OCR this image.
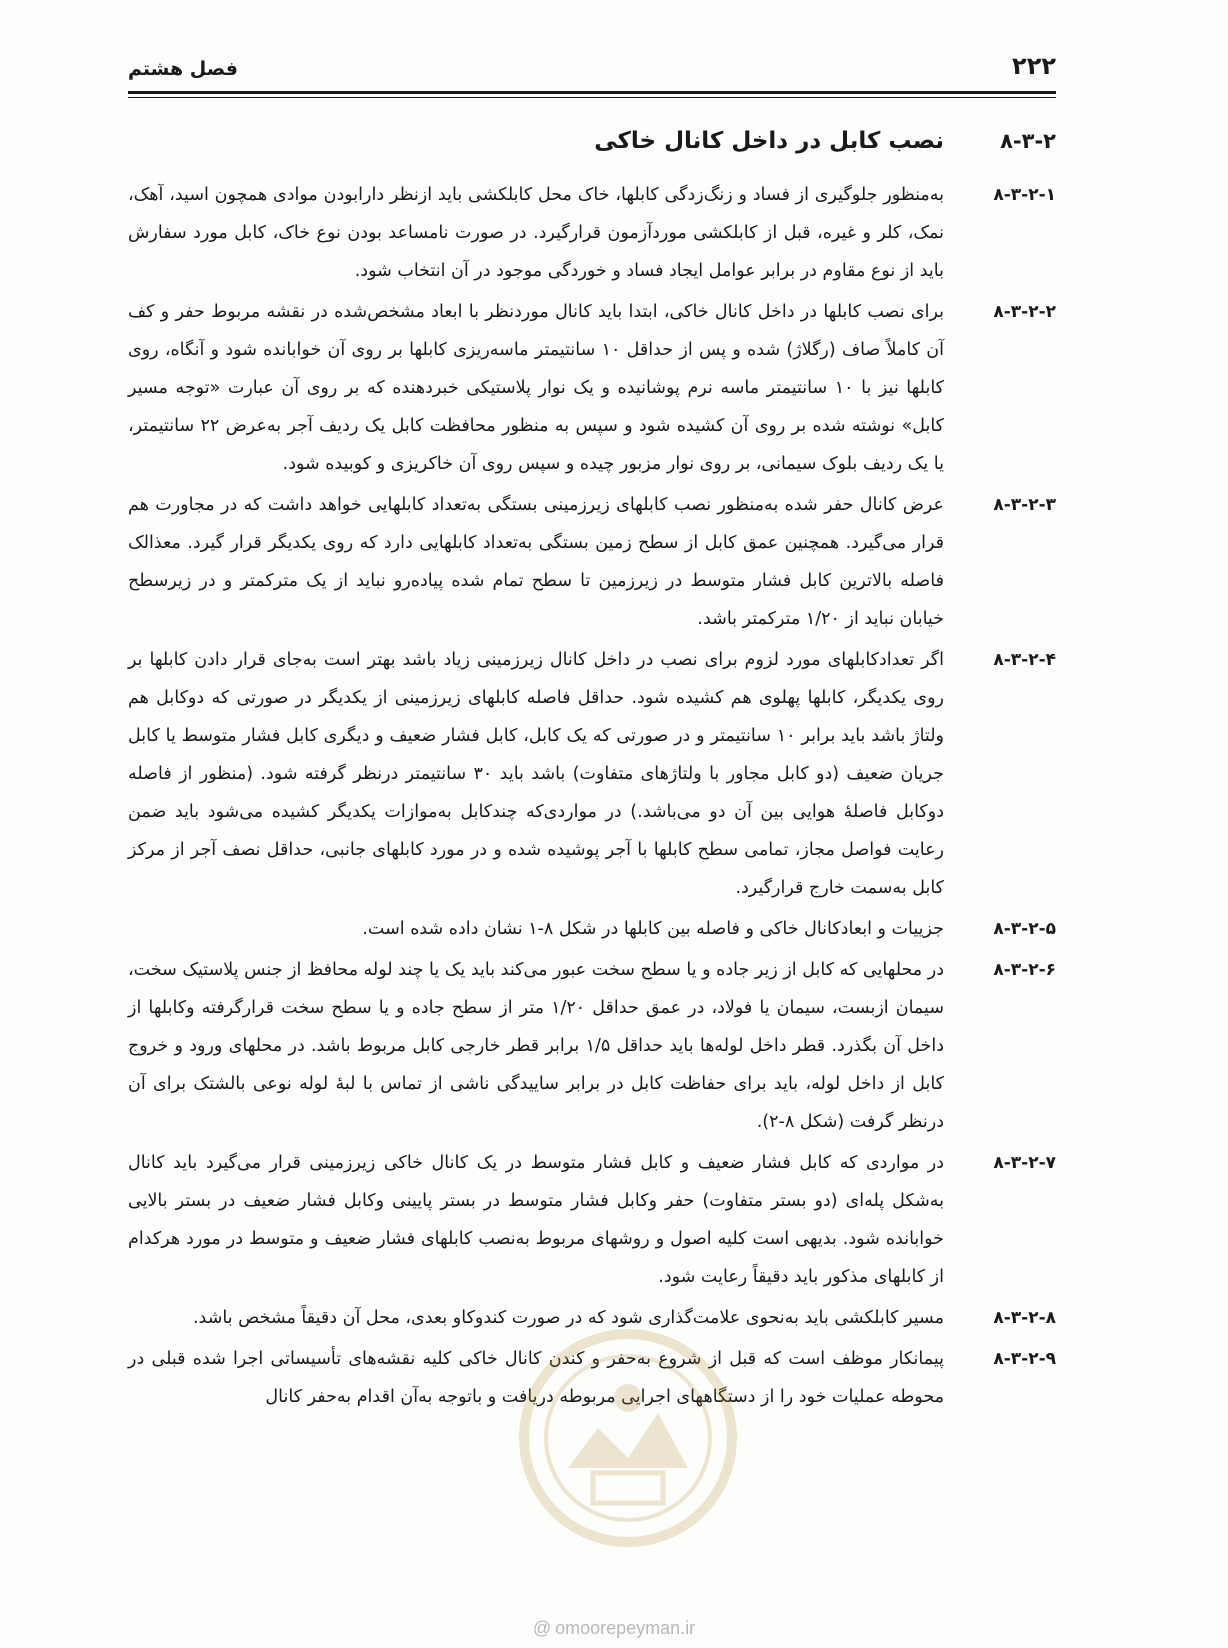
۲۲۲
فصل هشتم
۸-۳-۲
نصب کابل در داخل کانال خاکی
۸-۳-۲-۱
به‌منظور جلوگیری از فساد و زنگ‌زدگی کابلها، خاک محل کابلکشی باید ازنظر دارابودن موادی همچون اسید، آهک، نمک، کلر و غیره، قبل از کابلکشی موردآزمون قرارگیرد. در صورت نامساعد بودن نوع خاک، کابل مورد سفارش باید از نوع مقاوم در برابر عوامل ایجاد فساد و خوردگی موجود در آن انتخاب شود.
۸-۳-۲-۲
برای نصب کابلها در داخل کانال خاکی، ابتدا باید کانال موردنظر با ابعاد مشخص‌شده در نقشه مربوط حفر و کف آن کاملاً صاف (رگلاژ) شده و پس از حداقل ۱۰ سانتیمتر ماسه‌ریزی کابلها بر روی آن خوابانده شود و آنگاه، روی کابلها نیز با ۱۰ سانتیمتر ماسه نرم پوشانیده و یک نوار پلاستیکی خبردهنده که بر روی آن عبارت «توجه مسیر کابل» نوشته شده بر روی آن کشیده شود و سپس به منظور محافظت کابل یک ردیف آجر به‌عرض ۲۲ سانتیمتر، یا یک ردیف بلوک سیمانی، بر روی نوار مزبور چیده و سپس روی آن خاکریزی و کوبیده شود.
۸-۳-۲-۳
عرض کانال حفر شده به‌منظور نصب کابلهای زیرزمینی بستگی به‌تعداد کابلهایی خواهد داشت که در مجاورت هم قرار می‌گیرد. همچنین عمق کابل از سطح زمین بستگی به‌تعداد کابلهایی دارد که روی یکدیگر قرار گیرد. معذالک فاصله بالاترین کابل فشار متوسط در زیرزمین تا سطح تمام شده پیاده‌رو نباید از یک مترکمتر و در زیرسطح خیابان نباید از ۱/۲۰ مترکمتر باشد.
۸-۳-۲-۴
اگر تعدادکابلهای مورد لزوم برای نصب در داخل کانال زیرزمینی زیاد باشد بهتر است به‌جای قرار دادن کابلها بر روی یکدیگر، کابلها پهلوی هم کشیده شود. حداقل فاصله کابلهای زیرزمینی از یکدیگر در صورتی که دوکابل هم ولتاژ باشد باید برابر ۱۰ سانتیمتر و در صورتی که یک کابل، کابل فشار ضعیف و دیگری کابل فشار متوسط یا کابل جریان ضعیف (دو کابل مجاور با ولتاژهای متفاوت) باشد باید ۳۰ سانتیمتر درنظر گرفته شود. (منظور از فاصله دوکابل فاصلهٔ هوایی بین آن دو می‌باشد.) در مواردی‌که چندکابل به‌موازات یکدیگر کشیده می‌شود باید ضمن رعایت فواصل مجاز، تمامی سطح کابلها با آجر پوشیده شده و در مورد کابلهای جانبی، حداقل نصف آجر از مرکز کابل به‌سمت خارج قرارگیرد.
۸-۳-۲-۵
جزییات و ابعادکانال خاکی و فاصله بین کابلها در شکل ۸-۱ نشان داده شده است.
۸-۳-۲-۶
در محلهایی که کابل از زیر جاده و یا سطح سخت عبور می‌کند باید یک یا چند لوله محافظ از جنس پلاستیک سخت، سیمان ازبست، سیمان یا فولاد، در عمق حداقل ۱/۲۰ متر از سطح جاده و یا سطح سخت قرارگرفته وکابلها از داخل آن بگذرد. قطر داخل لوله‌ها باید حداقل ۱/۵ برابر قطر خارجی کابل مربوط باشد. در محلهای ورود و خروج کابل از داخل لوله، باید برای حفاظت کابل در برابر ساییدگی ناشی از تماس با لبهٔ لوله نوعی بالشتک برای آن درنظر گرفت (شکل ۸-۲).
۸-۳-۲-۷
در مواردی که کابل فشار ضعیف و کابل فشار متوسط در یک کانال خاکی زیرزمینی قرار می‌گیرد باید کانال به‌شکل پله‌ای (دو بستر متفاوت) حفر وکابل فشار متوسط در بستر پایینی وکابل فشار ضعیف در بستر بالایی خوابانده شود. بدیهی است کلیه اصول و روشهای مربوط به‌نصب کابلهای فشار ضعیف و متوسط در مورد هرکدام از کابلهای مذکور باید دقیقاً رعایت شود.
۸-۳-۲-۸
مسیر کابلکشی باید به‌نحوی علامت‌گذاری شود که در صورت کندوکاو بعدی، محل آن دقیقاً مشخص باشد.
۸-۳-۲-۹
پیمانکار موظف است که قبل از شروع به‌حفر و کندن کانال خاکی کلیه نقشه‌های تأسیساتی اجرا شده قبلی در محوطه عملیات خود را از دستگاههای اجرایی مربوطه دریافت و باتوجه به‌آن اقدام به‌حفر کانال
@ omoorepeyman.ir
